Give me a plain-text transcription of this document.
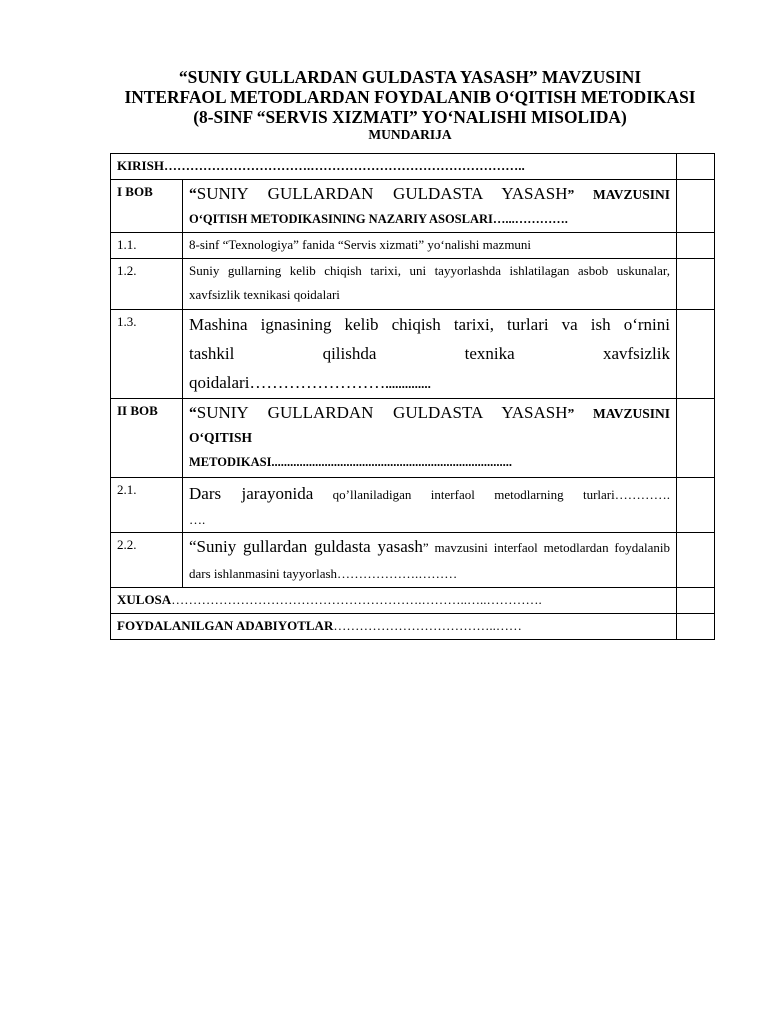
“SUNIY GULLARDAN GULDASTA YASASH” MAVZUSINI
INTERFAOL METODLARDAN FOYDALANIB O‘QITISH METODIKASI
(8-SINF “SERVIS XIZMATI” YO‘NALISHI MISOLIDA)
MUNDARIJA
KIRISH…………………………….…………………………………………..		
I BOB	“SUNIY GULLARDAN GULDASTA YASASH” MAVZUSINI
O‘QITISH METODIKASINING NAZARIY ASOSLARI…...………….	

1.1.	8-sinf “Texnologiya” fanida “Servis xizmati” yo‘nalishi mazmuni	
1.2.	Suniy gullarning kelib chiqish tarixi, uni tayyorlashda ishlatilagan asbob uskunalar, xavfsizlik texnikasi qoidalari	
1.3.	Mashina ignasining kelib chiqish tarixi, turlari va ish o‘rnini
tashkil qilishda texnika xavfsizlik
qoidalari……………………..............	

II BOB	“SUNIY GULLARDAN GULDASTA YASASH” MAVZUSINI
O‘QITISH
METODIKASI.............................................................................	

2.1.	Dars jarayonida qo’llaniladigan interfaol metodlarning turlari………….
….	

2.2.	“Suniy gullardan guldasta yasash” mavzusini interfaol metodlardan foydalanib dars ishlanmasini tayyorlash……………….………	
XULOSA………………………………………………….………..…..………….		
FOYDALANILGAN ADABIYOTLAR………………………………..……		
